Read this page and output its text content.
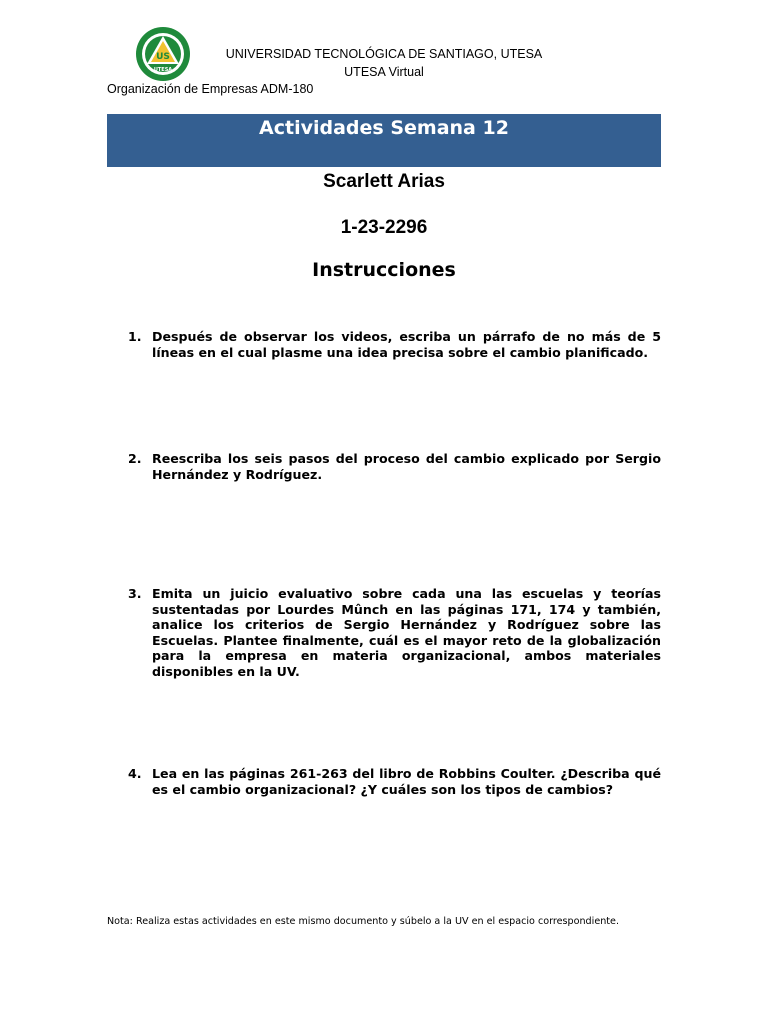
US
UTESA
UNIVERSIDAD TECNOLÓGICA DE SANTIAGO, UTESA
UTESA Virtual
Organización de Empresas ADM-180
Actividades Semana 12
Scarlett Arias
1-23-2296
Instrucciones
1. Después de observar los videos, escriba un párrafo de no más de 5 líneas en el cual plasme una idea precisa sobre el cambio planificado.
2. Reescriba los seis pasos del proceso del cambio explicado por Sergio Hernández y Rodríguez.
3. Emita un juicio evaluativo sobre cada una las escuelas y teorías sustentadas por Lourdes Mûnch en las páginas 171, 174 y también, analice los criterios de Sergio Hernández y Rodríguez sobre las Escuelas. Plantee finalmente, cuál es el mayor reto de la globalización para la empresa en materia organizacional, ambos materiales disponibles en la UV.
4. Lea en las páginas 261-263 del libro de Robbins Coulter. ¿Describa qué es el cambio organizacional? ¿Y cuáles son los tipos de cambios?
Nota: Realiza estas actividades en este mismo documento y súbelo a la UV en el espacio correspondiente.
